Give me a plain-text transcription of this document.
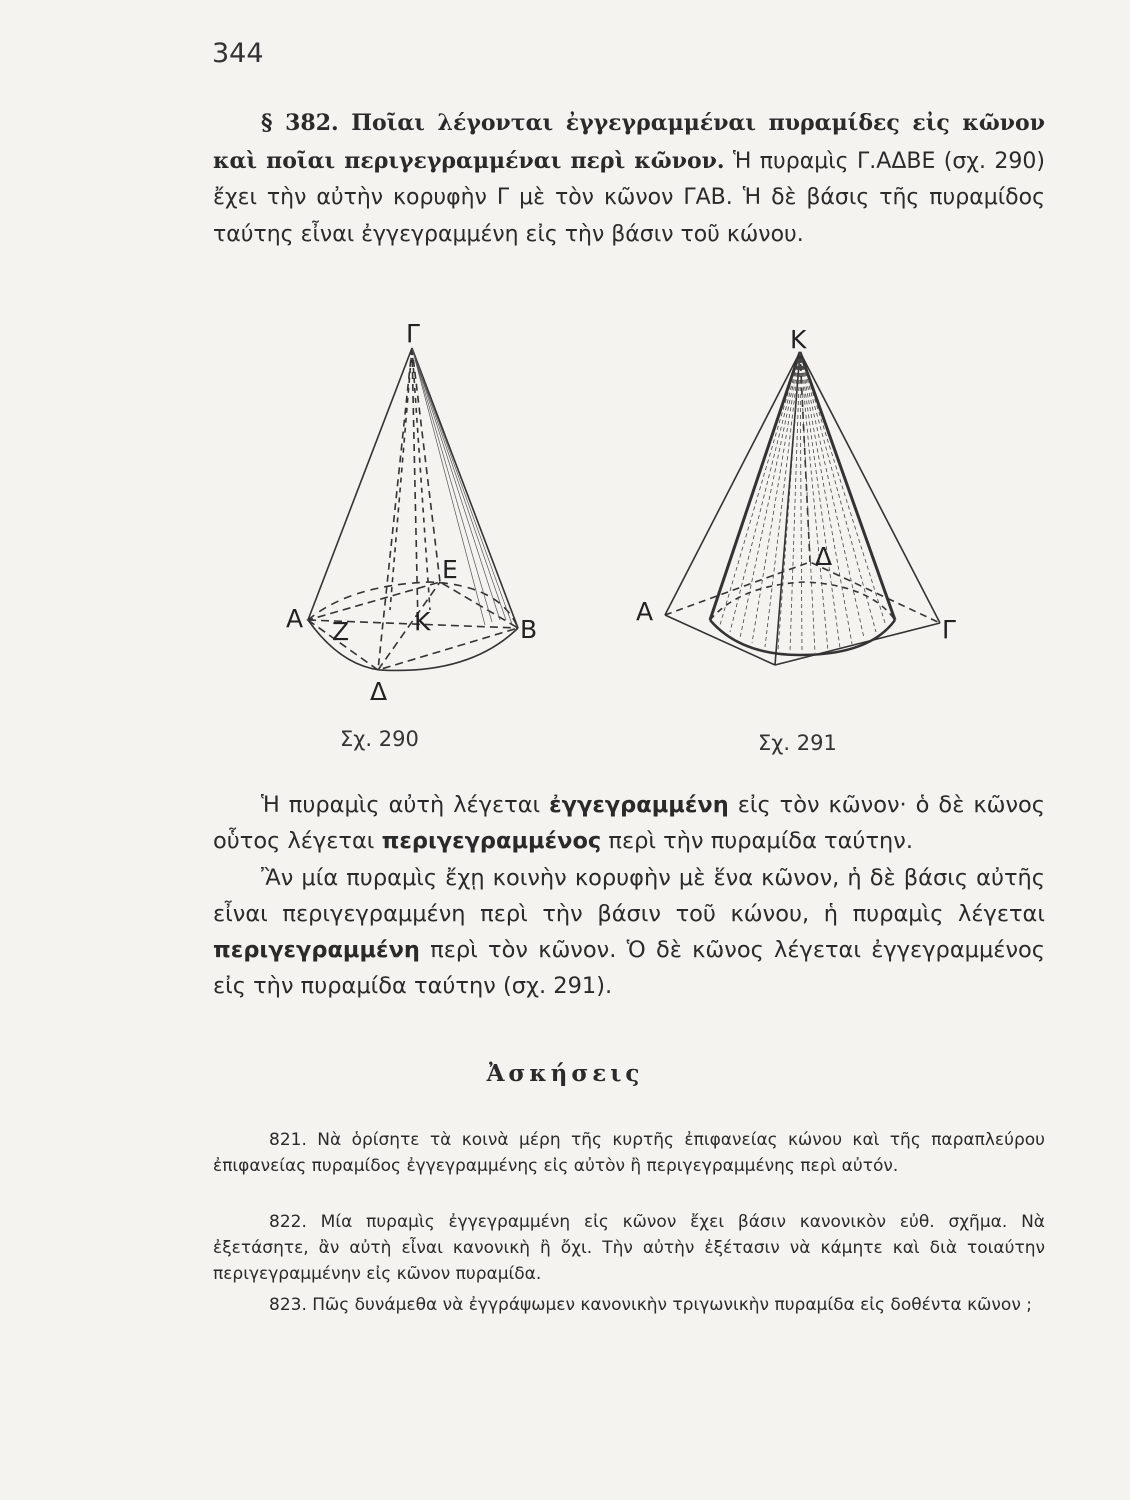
344
§ 382. Ποῖαι λέγονται ἐγγεγραμμέναι πυραμίδες εἰς κῶνον καὶ ποῖαι περιγεγραμμέναι περὶ κῶνον. Ἡ πυραμὶς Γ.ΑΔΒΕ (σχ. 290) ἔχει τὴν αὐτὴν κορυφὴν Γ μὲ τὸν κῶνον ΓΑΒ. Ἡ δὲ βάσις τῆς πυραμίδος ταύτης εἶναι ἐγγεγραμμένη εἰς τὴν βάσιν τοῦ κώνου.
Γ
Α	Β
Δ
Ε
Κ
Ζ
Σχ. 290
Κ
Α
Γ
Δ
Σχ. 291
Ἡ πυραμὶς αὐτὴ λέγεται ἐγγεγραμμένη εἰς τὸν κῶνον· ὁ δὲ κῶνος οὗτος λέγεται περιγεγραμμένος περὶ τὴν πυραμίδα ταύτην.
Ἂν μία πυραμὶς ἔχῃ κοινὴν κορυφὴν μὲ ἕνα κῶνον, ἡ δὲ βάσις αὐτῆς εἶναι περιγεγραμμένη περὶ τὴν βάσιν τοῦ κώνου, ἡ πυραμὶς λέγεται περιγεγραμμένη περὶ τὸν κῶνον. Ὁ δὲ κῶνος λέγεται ἐγγεγραμμένος εἰς τὴν πυραμίδα ταύτην (σχ. 291).
Ἀσκήσεις
821. Νὰ ὁρίσητε τὰ κοινὰ μέρη τῆς κυρτῆς ἐπιφανείας κώνου καὶ τῆς παραπλεύρου ἐπιφανείας πυραμίδος ἐγγεγραμμένης εἰς αὐτὸν ἢ περιγεγραμμένης περὶ αὐτόν.
822. Μία πυραμὶς ἐγγεγραμμένη εἰς κῶνον ἔχει βάσιν κανονικὸν εὐθ. σχῆμα. Νὰ ἐξετάσητε, ἂν αὐτὴ εἶναι κανονικὴ ἢ ὄχι. Τὴν αὐτὴν ἐξέτασιν νὰ κάμητε καὶ διὰ τοιαύτην περιγεγραμμένην εἰς κῶνον πυραμίδα.
823. Πῶς δυνάμεθα νὰ ἐγγράψωμεν κανονικὴν τριγωνικὴν πυραμίδα εἰς δοθέντα κῶνον ;
